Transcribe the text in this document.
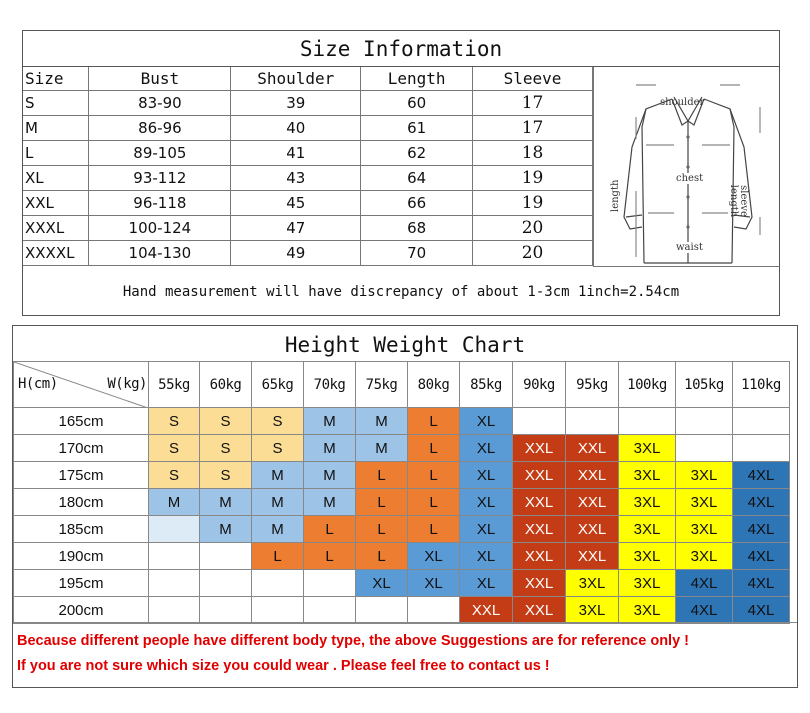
Size Information
Size	Bust	Shoulder	Length	Sleeve
S	83-90	39	60	17
M	86-96	40	61	17
L	89-105	41	62	18
XL	93-112	43	64	19
XXL	96-118	45	66	19
XXXL	100-124	47	68	20
XXXXL	104-130	49	70	20
shoulder
chest
waist
length	sleeve length
Hand measurement will have discrepancy of about 1-3cm 1inch=2.54cm
Height Weight Chart
H(cm) W(kg)	55kg	60kg	65kg	70kg	75kg	80kg	85kg	90kg	95kg	100kg	105kg	110kg
165cm	S	S	S	M	M	L	XL					
170cm	S	S	S	M	M	L	XL	XXL	XXL	3XL		
175cm	S	S	M	M	L	L	XL	XXL	XXL	3XL	3XL	4XL
180cm	M	M	M	M	L	L	XL	XXL	XXL	3XL	3XL	4XL
185cm		M	M	L	L	L	XL	XXL	XXL	3XL	3XL	4XL
190cm			L	L	L	XL	XL	XXL	XXL	3XL	3XL	4XL
195cm					XL	XL	XL	XXL	3XL	3XL	4XL	4XL
200cm							XXL	XXL	3XL	3XL	4XL	4XL
Because different people have different body type, the above Suggestions are for reference only !
If you are not sure which size you could wear . Please feel free to contact us !
